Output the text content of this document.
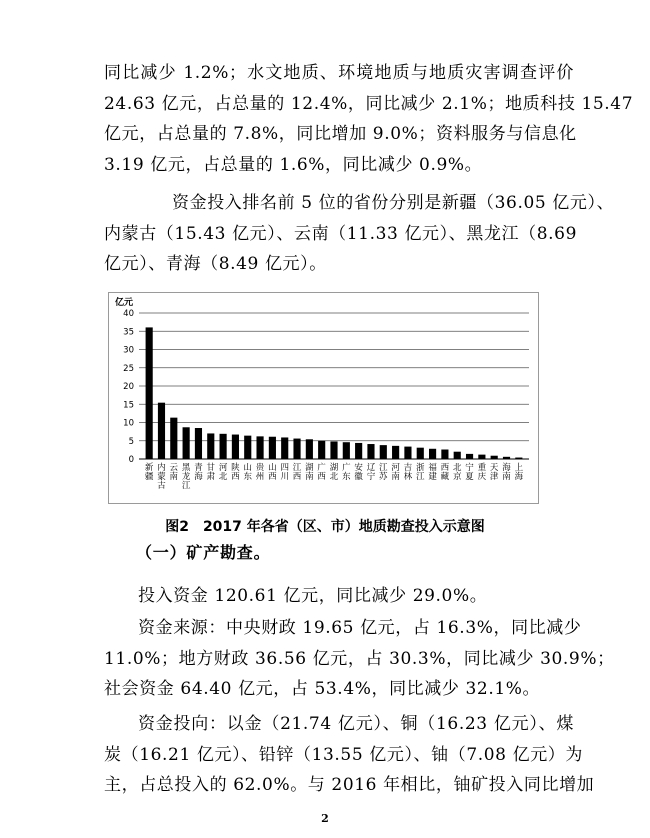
同比减少 1.2%；水文地质、环境地质与地质灾害调查评价
24.63 亿元，占总量的 12.4%，同比减少 2.1%；地质科技 15.47
亿元，占总量的 7.8%，同比增加 9.0%；资料服务与信息化
3.19 亿元，占总量的 1.6%，同比减少 0.9%。
资金投入排名前 5 位的省份分别是新疆（36.05 亿元）、
内蒙古（15.43 亿元）、云南（11.33 亿元）、黑龙江（8.69
亿元）、青海（8.49 亿元）。
亿元
0
5
10
15
20
25
30
35
40
新
疆
内
蒙
古
云
南
黑
龙
江
青
海
甘
肃
河
北
陕
西
山
东
贵
州
山
西
四
川
江
西
湖
南
广
西
湖
北
广
东
安
徽
辽
宁
江
苏
河
南
吉
林
浙
江
福
建
西
藏
北
京
宁
夏
重
庆
天
津
海
南
上
海
图2　2017 年各省（区、市）地质勘查投入示意图
（一）矿产勘查。
投入资金 120.61 亿元，同比减少 29.0%。
资金来源：中央财政 19.65 亿元，占 16.3%，同比减少
11.0%；地方财政 36.56 亿元，占 30.3%，同比减少 30.9%；
社会资金 64.40 亿元，占 53.4%，同比减少 32.1%。
资金投向：以金（21.74 亿元）、铜（16.23 亿元）、煤
炭（16.21 亿元）、铅锌（13.55 亿元）、铀（7.08 亿元）为
主，占总投入的 62.0%。与 2016 年相比，铀矿投入同比增加
2
